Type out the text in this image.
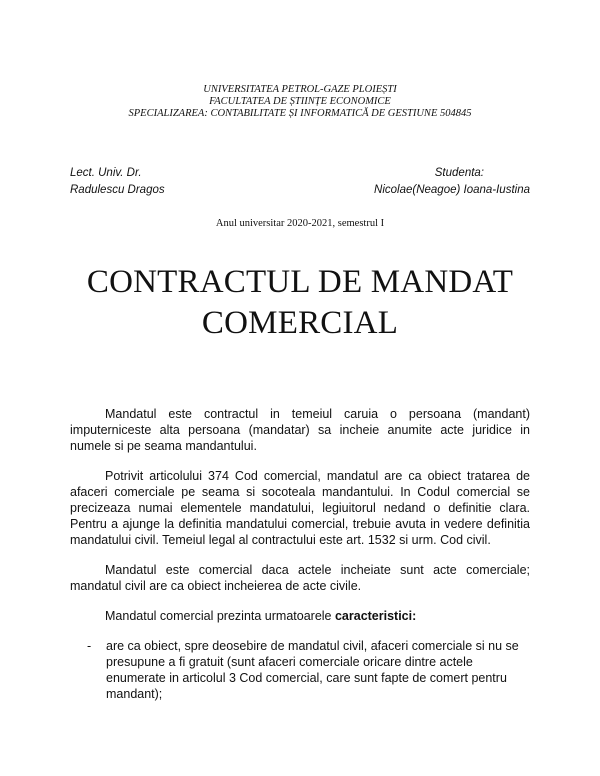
UNIVERSITATEA PETROL-GAZE PLOIEȘTI
FACULTATEA DE ȘTIINȚE ECONOMICE
SPECIALIZAREA: CONTABILITATE ȘI INFORMATICĂ DE GESTIUNE 504845
Lect. Univ. Dr.
Radulescu Dragos
Studenta:
Nicolae(Neagoe) Ioana-Iustina
Anul universitar 2020-2021, semestrul I
CONTRACTUL DE MANDAT
COMERCIAL

Mandatul este contractul in temeiul caruia o persoana (mandant) imputerniceste alta persoana (mandatar) sa incheie anumite acte juridice in numele si pe seama mandantului.

Potrivit articolului 374 Cod comercial, mandatul are ca obiect tratarea de afaceri comerciale pe seama si socoteala mandantului. In Codul comercial se precizeaza numai elementele mandatului, legiuitorul nedand o definitie clara. Pentru a ajunge la definitia mandatului comercial, trebuie avuta in vedere definitia mandatului civil. Temeiul legal al contractului este art. 1532 si urm. Cod civil.

Mandatul este comercial daca actele incheiate sunt acte comerciale; mandatul civil are ca obiect incheierea de acte civile.

Mandatul comercial prezinta urmatoarele caracteristici:

- are ca obiect, spre deosebire de mandatul civil, afaceri comerciale si nu se presupune a fi gratuit (sunt afaceri comerciale oricare dintre actele enumerate in articolul 3 Cod comercial, care sunt fapte de comert pentru mandant);
